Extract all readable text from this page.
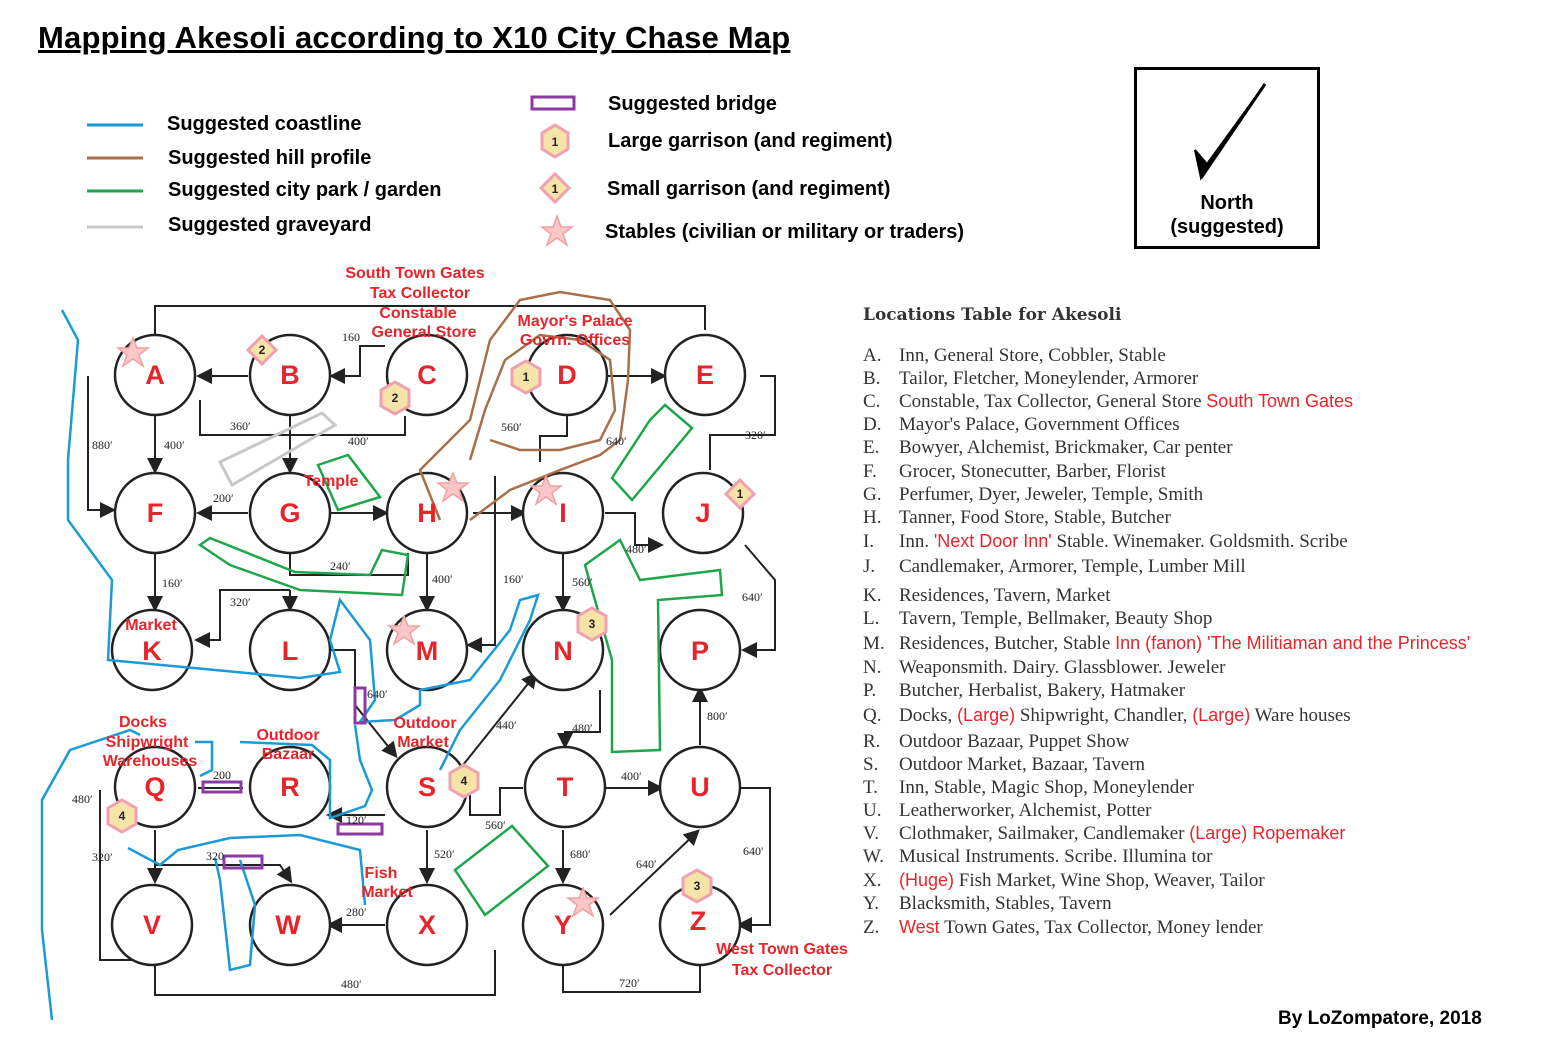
Mapping Akesoli according to X10 City Chase Map
Suggested coastline
Suggested hill profile
Suggested city park / garden
Suggested graveyard
Suggested bridge
Large garrison (and regiment)
Small garrison (and regiment)
Stables (civilian or military or traders)
North
(suggested)
1
1
A	B	C	D	E
F	G	H	I	J
K	L	M	N	P
Q	R	S	T	U
V	W	X	Y	Z
160
360′
400′
880′	400′
560′
640′	320′
200′
240′
160′
320′
400′	160′	560′
480′
640′
640′
440′	480′
800′
200
120′
400′
480′
560′
320′	320	520′	680′
640′
640′
280′
480′	720′
2
2
1
1
3
4
4
3
South Town Gates
Tax Collector
Constable
General Store
Mayor's Palace
Govrn. Offices
Temple
Market
Docks
Shipwright
Warehouses
Outdoor
Bazaar
Outdoor
Market
Fish
Market
West Town Gates
Tax Collector
Locations Table for Akesoli
A. Inn, General Store, Cobbler, Stable
B. Tailor, Fletcher, Moneylender, Armorer
C. Constable, Tax Collector, General Store South Town Gates
D. Mayor's Palace, Government Offices
E. Bowyer, Alchemist, Brickmaker, Car penter
F. Grocer, Stonecutter, Barber, Florist
G. Perfumer, Dyer, Jeweler, Temple, Smith
H. Tanner, Food Store, Stable, Butcher
I. Inn. 'Next Door Inn' Stable. Winemaker. Goldsmith. Scribe
J. Candlemaker, Armorer, Temple, Lumber Mill
K. Residences, Tavern, Market
L. Tavern, Temple, Bellmaker, Beauty Shop
M. Residences, Butcher, Stable Inn (fanon) 'The Militiaman and the Princess'
N. Weaponsmith. Dairy. Glassblower. Jeweler
P. Butcher, Herbalist, Bakery, Hatmaker
Q. Docks, (Large) Shipwright, Chandler, (Large) Ware houses
R. Outdoor Bazaar, Puppet Show
S. Outdoor Market, Bazaar, Tavern
T. Inn, Stable, Magic Shop, Moneylender
U. Leatherworker, Alchemist, Potter
V. Clothmaker, Sailmaker, Candlemaker (Large) Ropemaker
W. Musical Instruments. Scribe. Illumina tor
X. (Huge) Fish Market, Wine Shop, Weaver, Tailor
Y. Blacksmith, Stables, Tavern
Z. West Town Gates, Tax Collector, Money lender
By LoZompatore, 2018
